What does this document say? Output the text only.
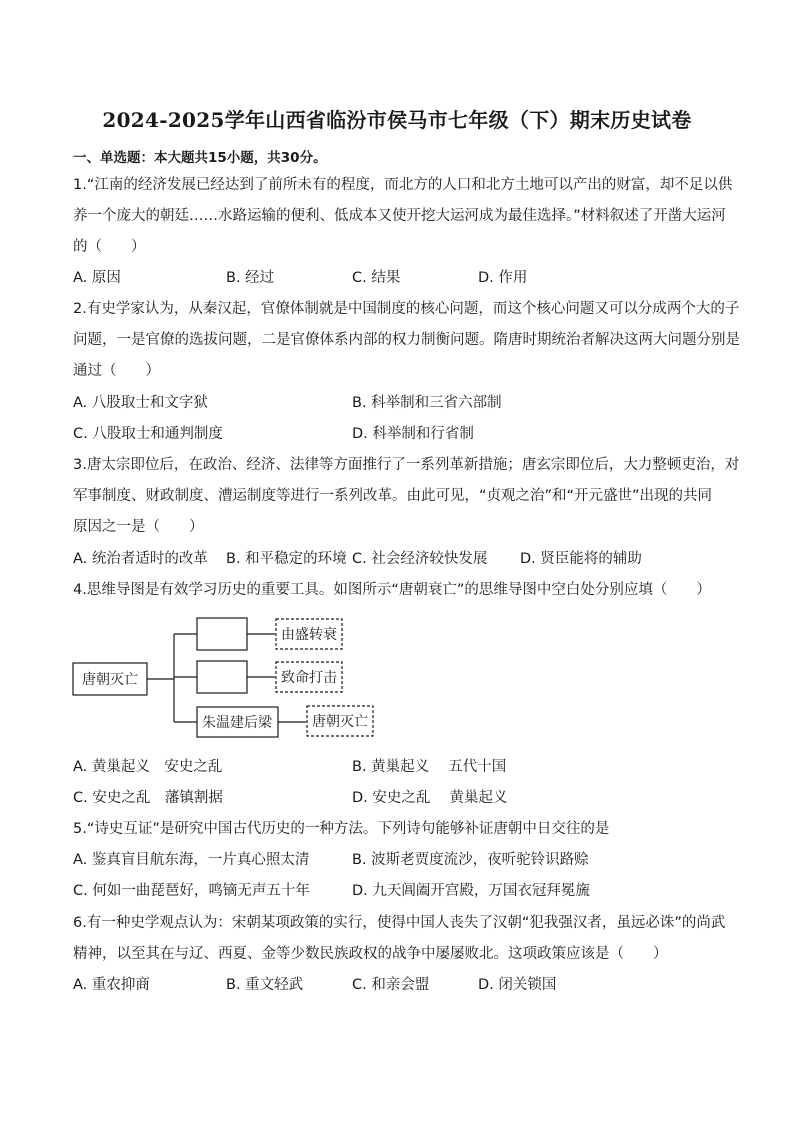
2024-2025学年山西省临汾市侯马市七年级（下）期末历史试卷
一、单选题：本大题共15小题，共30分。
1.“江南的经济发展已经达到了前所未有的程度，而北方的人口和北方土地可以产出的财富，却不足以供
养一个庞大的朝廷……水路运输的便利、低成本又使开挖大运河成为最佳选择。”材料叙述了开凿大运河
的（　　）
A. 原因	B. 经过	C. 结果	D. 作用
2.有史学家认为，从秦汉起，官僚体制就是中国制度的核心问题，而这个核心问题又可以分成两个大的子
问题，一是官僚的选拔问题，二是官僚体系内部的权力制衡问题。隋唐时期统治者解决这两大问题分别是
通过（　　）
A. 八股取士和文字狱	B. 科举制和三省六部制
C. 八股取士和通判制度	D. 科举制和行省制
3.唐太宗即位后，在政治、经济、法律等方面推行了一系列革新措施；唐玄宗即位后，大力整顿吏治，对
军事制度、财政制度、漕运制度等进行一系列改革。由此可见，“贞观之治”和“开元盛世”出现的共同
原因之一是（　　）
A. 统治者适时的改革 B. 和平稳定的环境 C. 社会经济较快发展 D. 贤臣能将的辅助
4.思维导图是有效学习历史的重要工具。如图所示“唐朝衰亡”的思维导图中空白处分别应填（　　）
唐朝灭亡
朱温建后梁
由盛转衰
致命打击
唐朝灭亡
A. 黄巢起义　安史之乱	B. 黄巢起义　 五代十国
C. 安史之乱　藩镇割据	D. 安史之乱　 黄巢起义
5.“诗史互证”是研究中国古代历史的一种方法。下列诗句能够补证唐朝中日交往的是
A. 鉴真盲目航东海，一片真心照太清	B. 波斯老贾度流沙，夜听驼铃识路赊
C. 何如一曲琵琶好，鸣镝无声五十年	D. 九天阊阖开宫殿，万国衣冠拜冕旒
6.有一种史学观点认为：宋朝某项政策的实行，使得中国人丧失了汉朝“犯我强汉者，虽远必诛”的尚武
精神，以至其在与辽、西夏、金等少数民族政权的战争中屡屡败北。这项政策应该是（　　）
A. 重农抑商	B. 重文轻武	C. 和亲会盟	D. 闭关锁国
